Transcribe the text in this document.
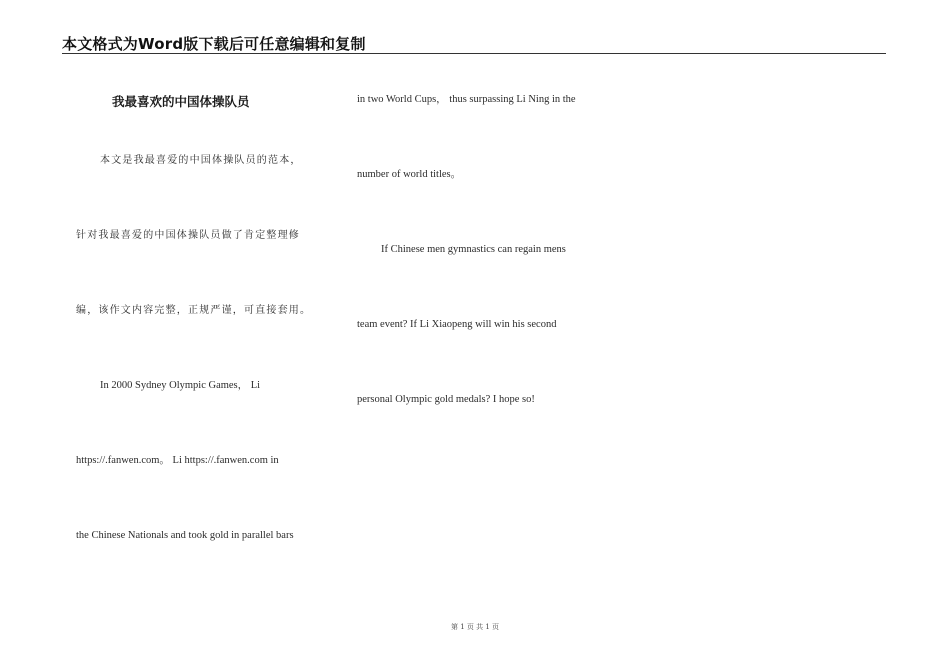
本文格式为Word版下载后可任意编辑和复制
我最喜欢的中国体操队员
本文是我最喜爱的中国体操队员的范本，
针对我最喜爱的中国体操队员做了肯定整理修
编，该作文内容完整，正规严谨，可直接套用。
In 2000 Sydney Olympic Games， Li
https://.fanwen.com。 Li https://.fanwen.com in
the Chinese Nationals and took gold in parallel bars
in two World Cups， thus surpassing Li Ning in the
number of world titles。
If Chinese men gymnastics can regain mens
team event? If Li Xiaopeng will win his second
personal Olympic gold medals? I hope so!
第 1 页 共 1 页
